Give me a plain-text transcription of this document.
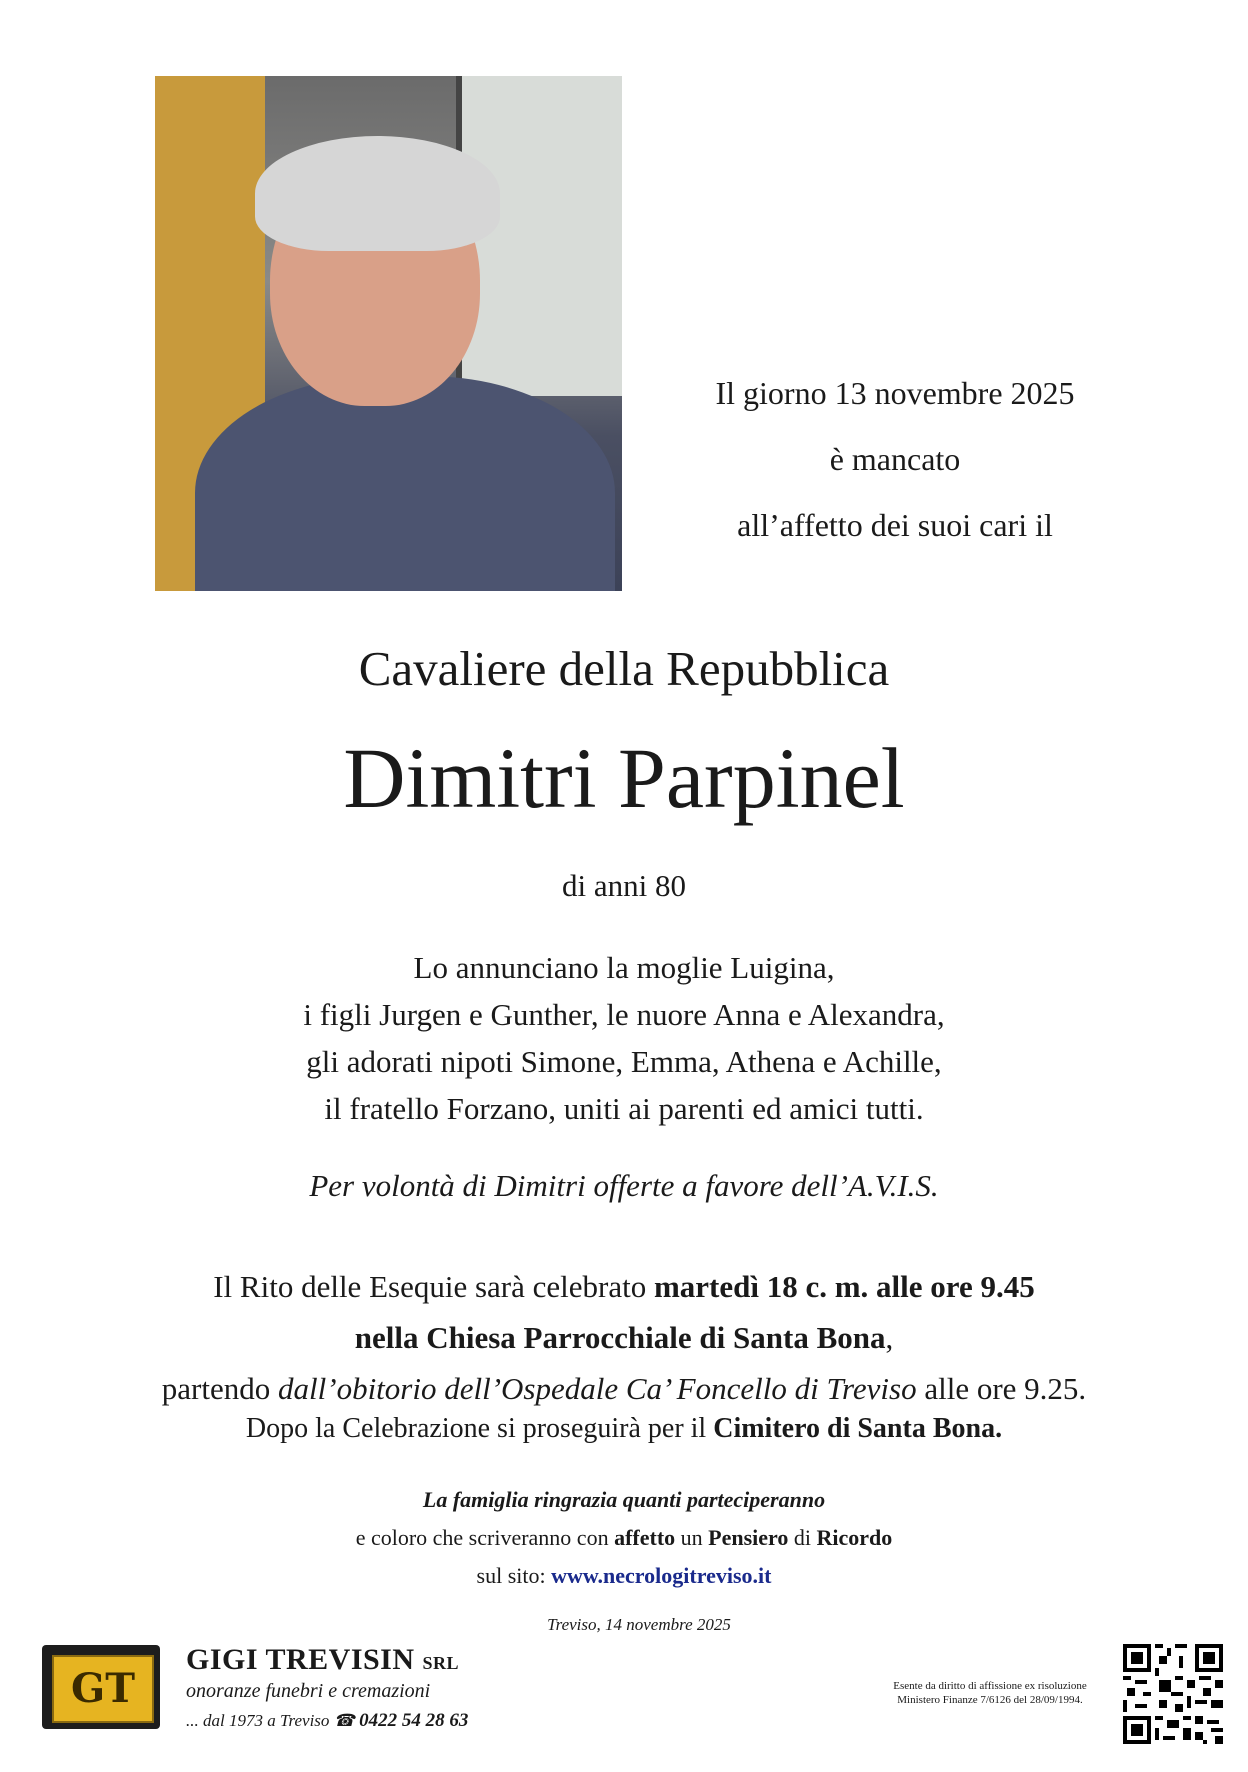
Il giorno 13 novembre 2025
è mancato
all’affetto dei suoi cari il
Cavaliere della Repubblica
Dimitri Parpinel
di anni 80
Lo annunciano la moglie Luigina,
i figli Jurgen e Gunther, le nuore Anna e Alexandra,
gli adorati nipoti Simone, Emma, Athena e Achille,
il fratello Forzano, uniti ai parenti ed amici tutti.
Per volontà di Dimitri offerte a favore dell’A.V.I.S.
Il Rito delle Esequie sarà celebrato martedì 18 c. m. alle ore 9.45
nella Chiesa Parrocchiale di Santa Bona,
partendo dall’obitorio dell’Ospedale Ca’ Foncello di Treviso alle ore 9.25.
Dopo la Celebrazione si proseguirà per il Cimitero di Santa Bona.
La famiglia ringrazia quanti parteciperanno
e coloro che scriveranno con affetto un Pensiero di Ricordo
sul sito: www.necrologitreviso.it
Treviso, 14 novembre 2025
GT
GIGI TREVISIN SRL
onoranze funebri e cremazioni
... dal 1973 a Treviso ☎ 0422 54 28 63
Esente da diritto di affissione ex risoluzione
Ministero Finanze 7/6126 del 28/09/1994.
